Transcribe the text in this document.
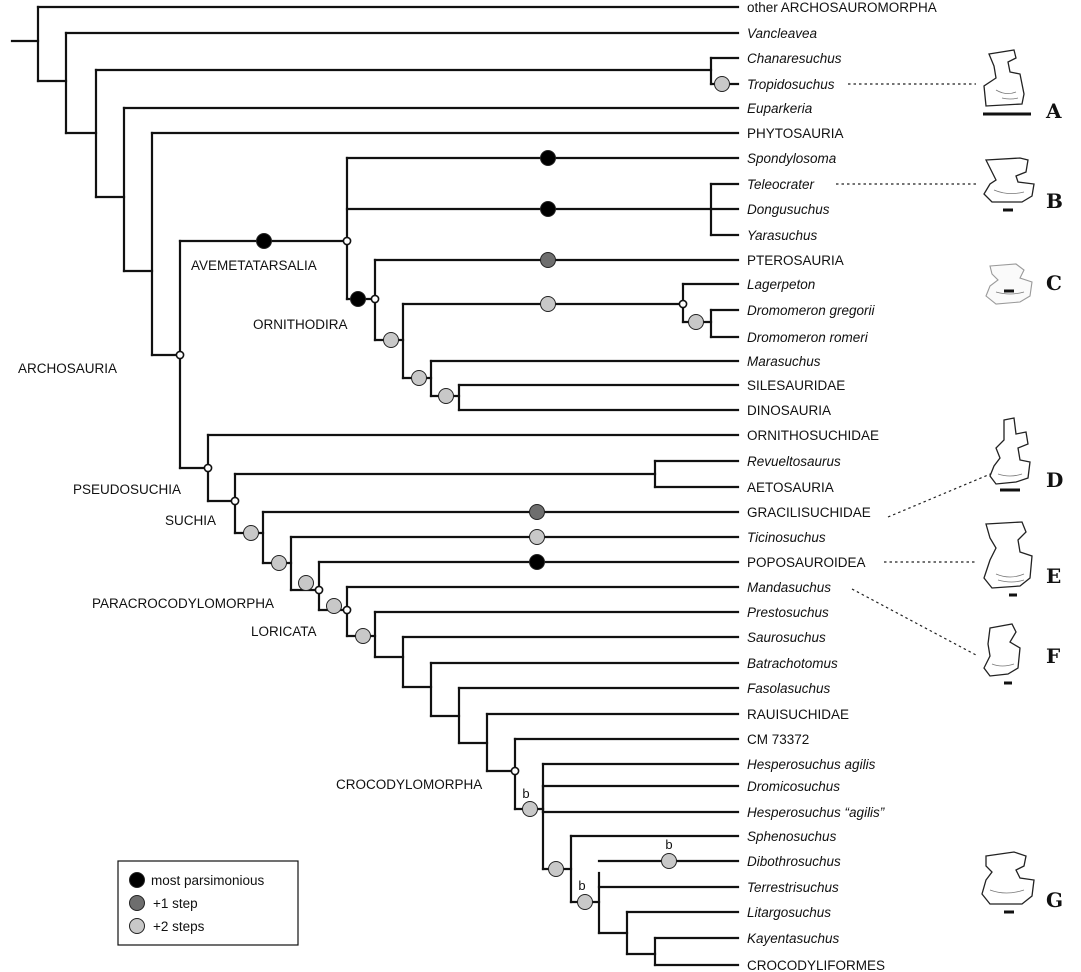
b
b
b
other ARCHOSAUROMORPHA
Vancleavea
Chanaresuchus
Tropidosuchus
Euparkeria
PHYTOSAURIA
Spondylosoma
Teleocrater
Dongusuchus
Yarasuchus
PTEROSAURIA
Lagerpeton
Dromomeron gregorii
Dromomeron romeri
Marasuchus
SILESAURIDAE
DINOSAURIA
ORNITHOSUCHIDAE
Revueltosaurus
AETOSAURIA
GRACILISUCHIDAE
Ticinosuchus
POPOSAUROIDEA
Mandasuchus
Prestosuchus
Saurosuchus
Batrachotomus
Fasolasuchus
RAUISUCHIDAE
CM 73372
Hesperosuchus agilis
Dromicosuchus
Hesperosuchus “agilis”
Sphenosuchus
Dibothrosuchus
Terrestrisuchus
Litargosuchus
Kayentasuchus
CROCODYLIFORMES
AVEMETATARSALIA
ORNITHODIRA
ARCHOSAURIA
PSEUDOSUCHIA
SUCHIA
PARACROCODYLOMORPHA
LORICATA
CROCODYLOMORPHA
A
B
C
D
E
F
G
most parsimonious
+1 step
+2 steps
